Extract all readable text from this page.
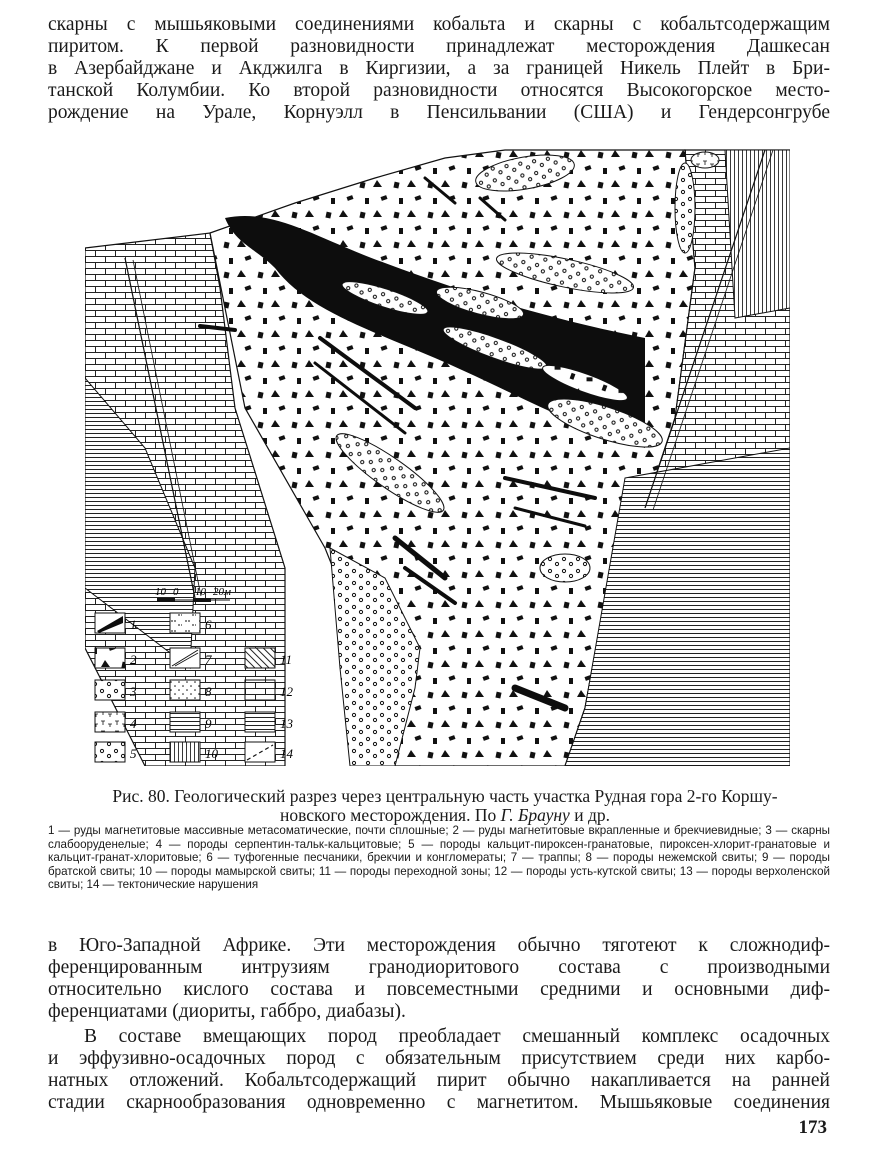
скарны с мышьяковыми соединениями кобальта и скарны с кобальтсодержащим

пиритом. К первой разновидности принадлежат месторождения Дашкесан

в Азербайджане и Акджилга в Киргизии, а за границей Никель Плейт в Бри-

танской Колумбии. Ко второй разновидности относятся Высокогорское место-

рождение на Урале, Корнуэлл в Пенсильвании (США) и Гендерсонгрубе

10 0 10 20м
1
2
3
4
5
6
7
8
9
10
11
12
13
14

Рис. 80. Геологический разрез через центральную часть участка Рудная гора 2-го Коршу-
новского месторождения. По Г. Брауну и др.

1 — руды магнетитовые массивные метасоматические, почти сплошные; 2 — руды магнетитовые вкрапленные и брекчиевидные; 3 — скарны слабооруденелые; 4 — породы серпентин-тальк-кальцитовые; 5 — породы кальцит-пироксен-гранатовые, пироксен-хлорит-гранатовые и кальцит-гранат-хлоритовые; 6 — туфогенные песчаники, брекчии и конгломераты; 7 — траппы; 8 — породы нежемской свиты; 9 — породы братской свиты; 10 — породы мамырской свиты; 11 — породы переходной зоны; 12 — породы усть-кутской свиты; 13 — породы верхоленской свиты; 14 — тектонические нарушения

в Юго-Западной Африке. Эти месторождения обычно тяготеют к сложнодиф-

ференцированным интрузиям гранодиоритового состава с производными

относительно кислого состава и повсеместными средними и основными диф-

ференциатами (диориты, габбро, диабазы).

В составе вмещающих пород преобладает смешанный комплекс осадочных

и эффузивно-осадочных пород с обязательным присутствием среди них карбо-

натных отложений. Кобальтсодержащий пирит обычно накапливается на ранней

стадии скарнообразования одновременно с магнетитом. Мышьяковые соединения

173
